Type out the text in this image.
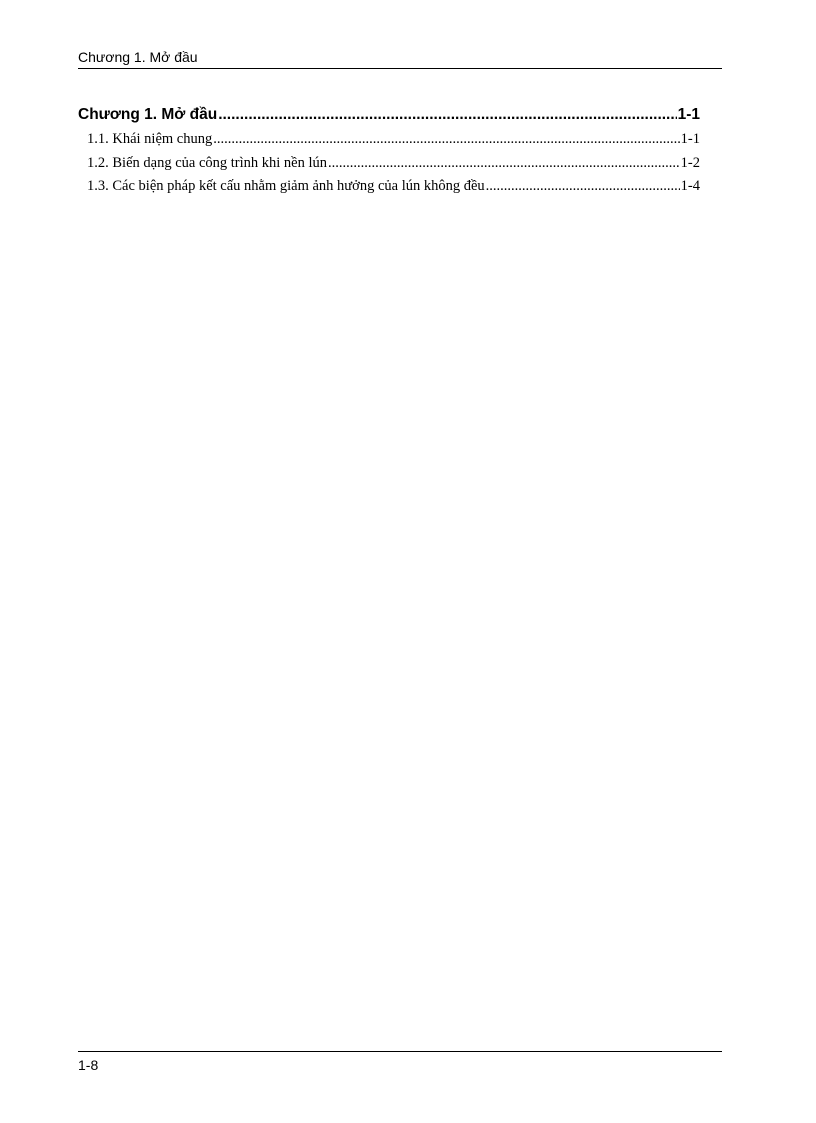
Chương 1. Mở đầu
Chương 1. Mở đầu .....	1-1
1.1. Khái niệm chung .....	1-1
1.2. Biến dạng của công trình khi nền lún .....	1-2
1.3. Các biện pháp kết cấu nhằm giảm ảnh hưởng của lún không đều .....	1-4
1-8
